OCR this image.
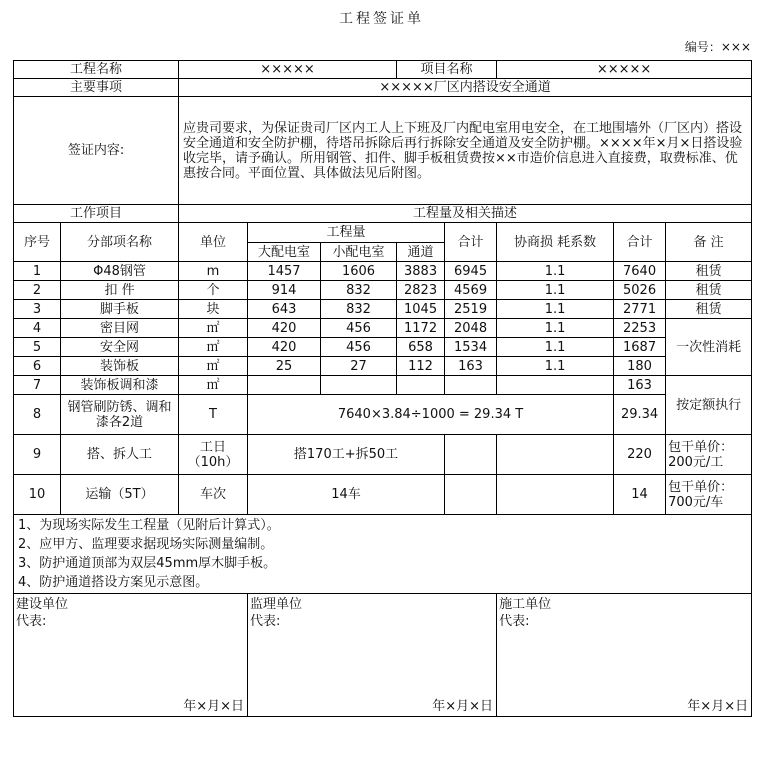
工程签证单
编号：×××
工程名称		×××××			项目名称		×××××		
主要事项		×××××厂区内搭设安全通道							
签证内容:		应贵司要求，为保证贵司厂区内工人上下班及厂内配电室用电安全，在工地围墙外（厂区内）搭设安全通道和安全防护棚，待塔吊拆除后再行拆除安全通道及安全防护棚。××××年×月×日搭设验收完毕，请予确认。所用钢管、扣件、脚手板租赁费按××市造价信息进入直接费，取费标准、优惠按合同。平面位置、具体做法见后附图。							
工作项目		工程量及相关描述							
序号	分部项名称	单位	工程量			合计	协商损 耗系数	合计	备 注
			大配电室	小配电室	通道				
1	Φ48钢管	m	1457	1606	3883	6945	1.1	7640	租赁
2	扣 件	个	914	832	2823	4569	1.1	5026	租赁
3	脚手板	块	643	832	1045	2519	1.1	2771	租赁
4	密目网	㎡	420	456	1172	2048	1.1	2253	一次性消耗
5	安全网	㎡	420	456	658	1534	1.1	1687	
6	装饰板	㎡	25	27	112	163	1.1	180	
7	装饰板调和漆	㎡						163	按定额执行
8	钢管刷防锈、调和漆各2道	T	7640×3.84÷1000 = 29.34 T					29.34	
9	搭、拆人工	工日（10h）	搭170工+拆50工					220	包干单价：200元/工
10	运输（5T）	车次	14车					14	包干单价：700元/车

1、为现场实际发生工程量（见附后计算式）。
2、应甲方、监理要求据现场实际测量编制。
3、防护通道顶部为双层45mm厚木脚手板。
4、防护通道搭设方案见示意图。									

建设单位
代表:
年×月×日			监理单位
代表:
年×月×日				施工单位
代表:
年×月×日		
